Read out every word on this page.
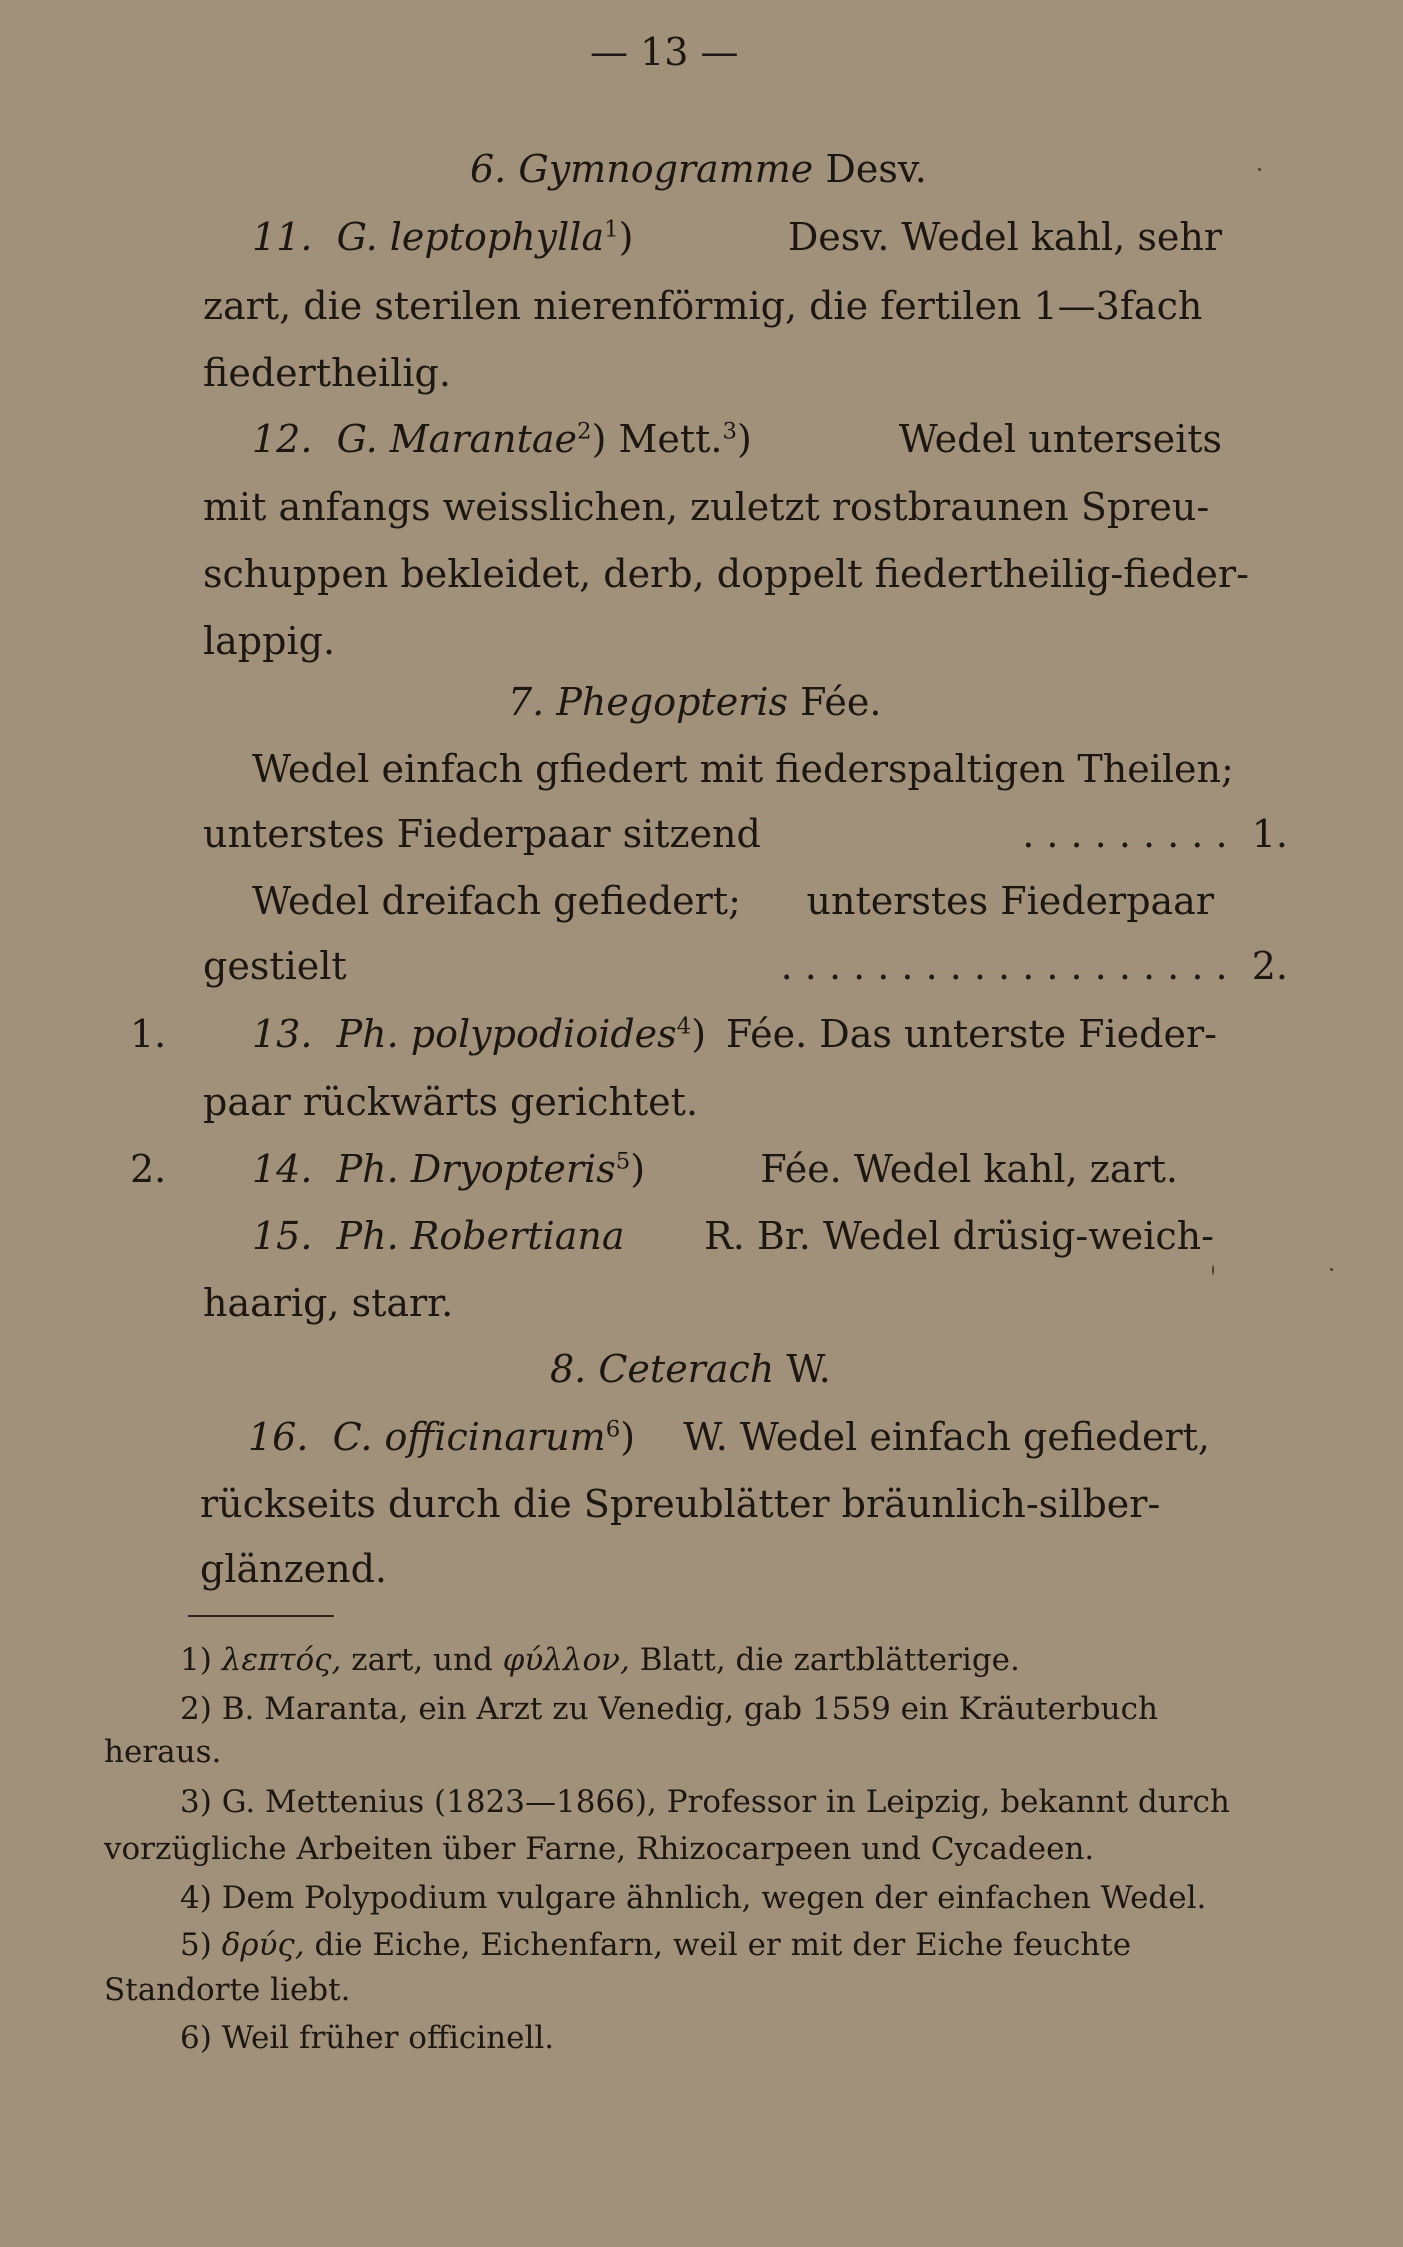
— 13 —
6. Gymnogramme Desv.
11. G. leptophylla$^1$)	Desv. Wedel kahl, sehr
zart, die sterilen nierenförmig, die fertilen 1—3fach
fiedertheilig.
12. G. Marantae$^2$) Mett.$^3$)	Wedel unterseits
mit anfangs weisslichen, zuletzt rostbraunen Spreu-
schuppen bekleidet, derb, doppelt fiedertheilig-fieder-
lappig.
7. Phegopteris Fée.
Wedel einfach gfiedert mit fiederspaltigen Theilen;
unterstes Fiederpaar sitzend	. . . . . . . . . 1.
Wedel dreifach gefiedert; unterstes Fiederpaar
gestielt	. . . . . . . . . . . . . . . . . . . 2.
1. 13. Ph. polypodioides$^4$) Fée. Das unterste Fieder-
paar rückwärts gerichtet.
2. 14. Ph. Dryopteris$^5$)	Fée. Wedel kahl, zart.
15. Ph. Robertiana R. Br. Wedel drüsig-weich-
haarig, starr.
8. Ceterach W.
16. C. officinarum$^6$) W. Wedel einfach gefiedert,
rückseits durch die Spreublätter bräunlich-silber-
glänzend.
1) λεπτός, zart, und φύλλον, Blatt, die zartblätterige.
2) B. Maranta, ein Arzt zu Venedig, gab 1559 ein Kräuterbuch
heraus.
3) G. Mettenius (1823—1866), Professor in Leipzig, bekannt durch
vorzügliche Arbeiten über Farne, Rhizocarpeen und Cycadeen.
4) Dem Polypodium vulgare ähnlich, wegen der einfachen Wedel.
5) δρύς, die Eiche, Eichenfarn, weil er mit der Eiche feuchte
Standorte liebt.
6) Weil früher officinell.
